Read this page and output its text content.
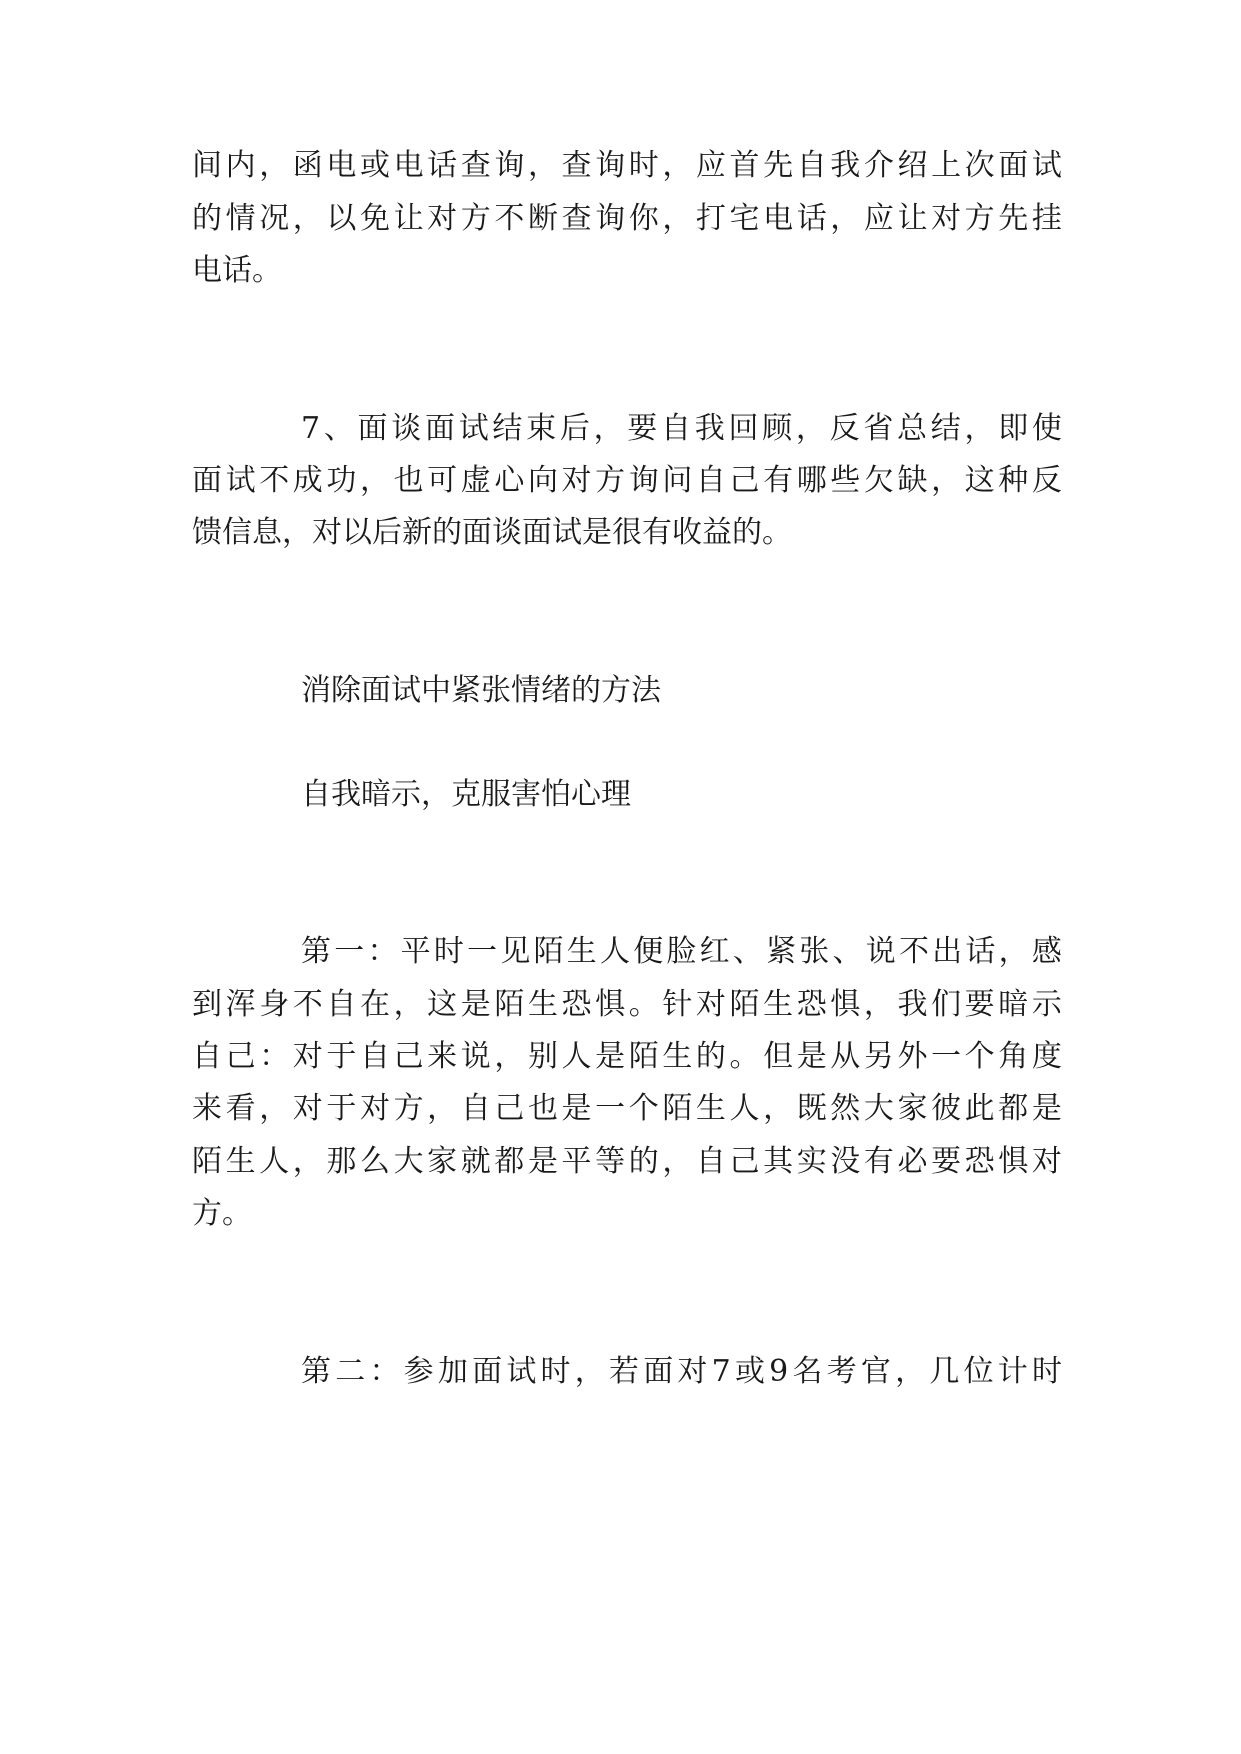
间 内 ， 函 电 或 电 话 查 询 ， 查 询 时 ， 应 首 先 自 我 介 绍 上 次 面 试
的 情 况 ， 以 免 让 对 方 不 断 查 询 你 ， 打 宅 电 话 ， 应 让 对 方 先 挂
电话。
7 、 面 谈 面 试 结 束 后 ， 要 自 我 回 顾 ， 反 省 总 结 ， 即 使
面 试 不 成 功 ， 也 可 虚 心 向 对 方 询 问 自 己 有 哪 些 欠 缺 ， 这 种 反
馈信息，对以后新的面谈面试是很有收益的。
消除面试中紧张情绪的方法
自我暗示，克服害怕心理
第 一 ： 平 时 一 见 陌 生 人 便 脸 红 、 紧 张 、 说 不 出 话 ， 感
到 浑 身 不 自 在 ， 这 是 陌 生 恐 惧 。 针 对 陌 生 恐 惧 ， 我 们 要 暗 示
自 己 ： 对 于 自 己 来 说 ， 别 人 是 陌 生 的 。 但 是 从 另 外 一 个 角 度
来 看 ， 对 于 对 方 ， 自 己 也 是 一 个 陌 生 人 ， 既 然 大 家 彼 此 都 是
陌 生 人 ， 那 么 大 家 就 都 是 平 等 的 ， 自 己 其 实 没 有 必 要 恐 惧 对
方。
第 二 ： 参 加 面 试 时 ， 若 面 对 7 或 9 名 考 官 ， 几 位 计 时
